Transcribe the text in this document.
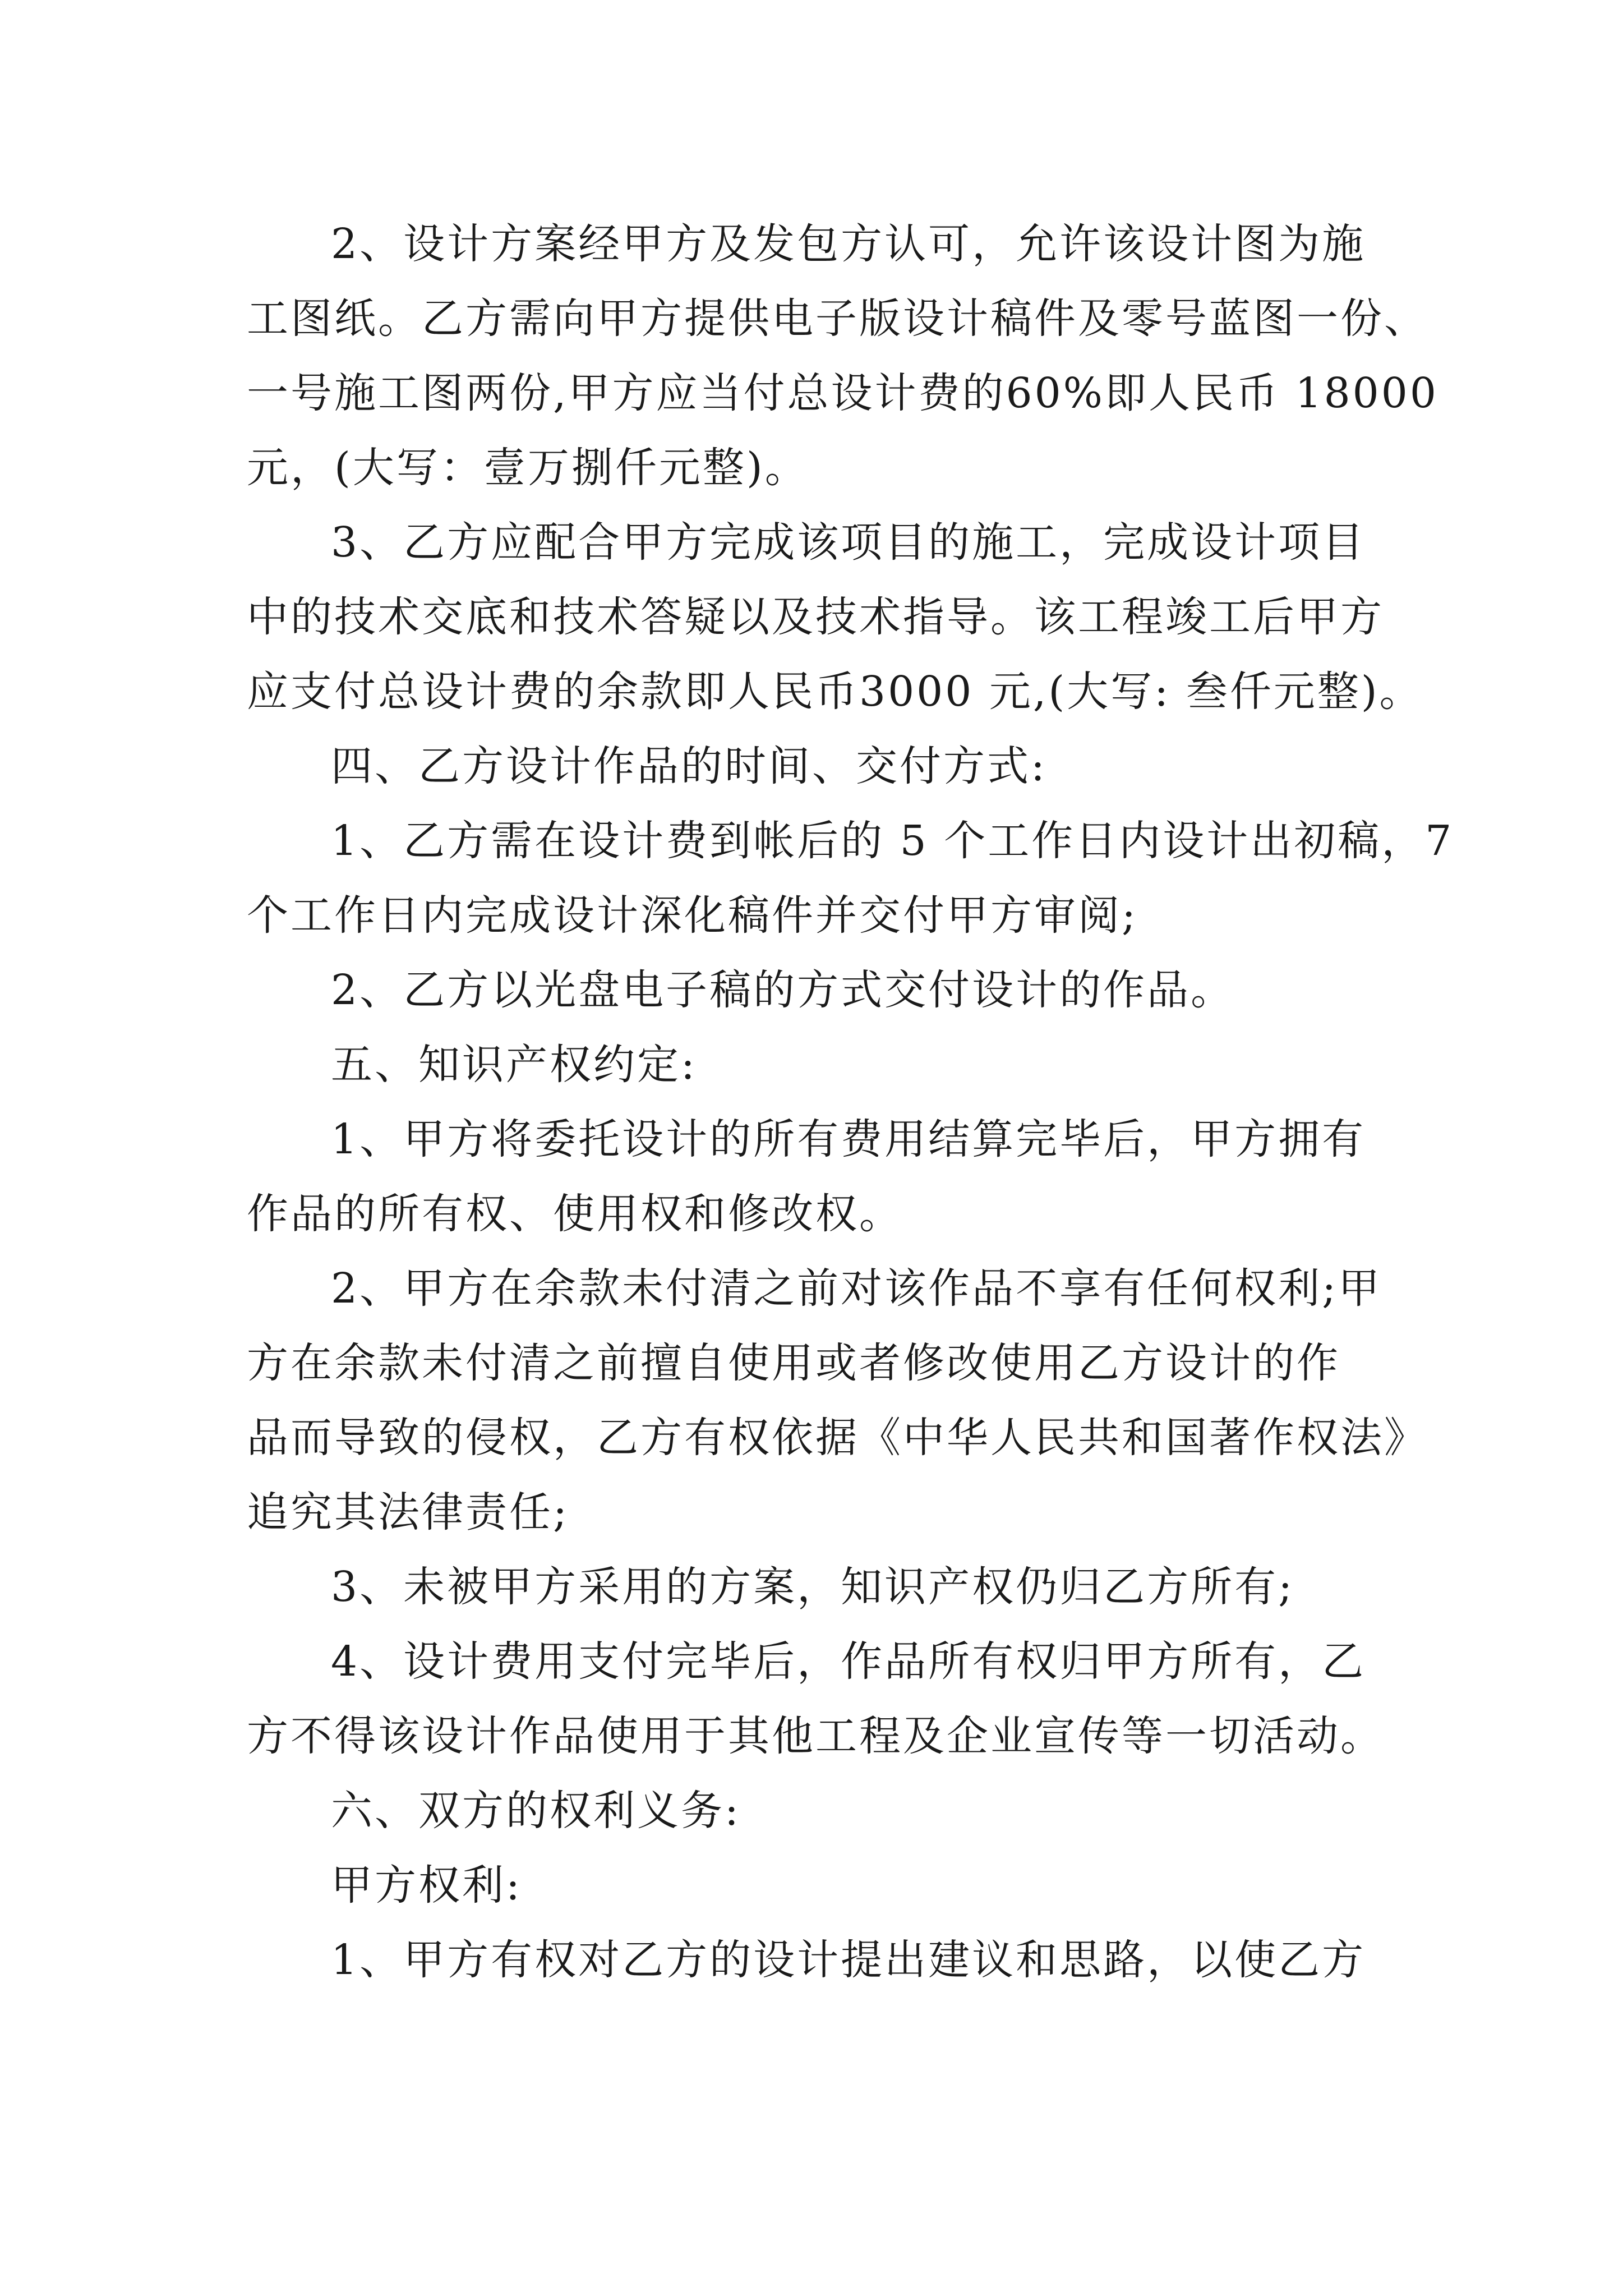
2、设计方案经甲方及发包方认可，允许该设计图为施
工图纸。乙方需向甲方提供电子版设计稿件及零号蓝图一份、
一号施工图两份,甲方应当付总设计费的60%即人民币 18000
元，(大写：壹万捌仟元整)。
3、乙方应配合甲方完成该项目的施工，完成设计项目
中的技术交底和技术答疑以及技术指导。该工程竣工后甲方
应支付总设计费的余款即人民币3000 元,(大写: 叁仟元整)。
四、乙方设计作品的时间、交付方式:
1、乙方需在设计费到帐后的 5 个工作日内设计出初稿，7
个工作日内完成设计深化稿件并交付甲方审阅;
2、乙方以光盘电子稿的方式交付设计的作品。
五、知识产权约定:
1、甲方将委托设计的所有费用结算完毕后，甲方拥有
作品的所有权、使用权和修改权。
2、甲方在余款未付清之前对该作品不享有任何权利;甲
方在余款未付清之前擅自使用或者修改使用乙方设计的作
品而导致的侵权，乙方有权依据《中华人民共和国著作权法》
追究其法律责任;
3、未被甲方采用的方案，知识产权仍归乙方所有;
4、设计费用支付完毕后，作品所有权归甲方所有，乙
方不得该设计作品使用于其他工程及企业宣传等一切活动。
六、双方的权利义务:
甲方权利:
1、甲方有权对乙方的设计提出建议和思路，以使乙方
